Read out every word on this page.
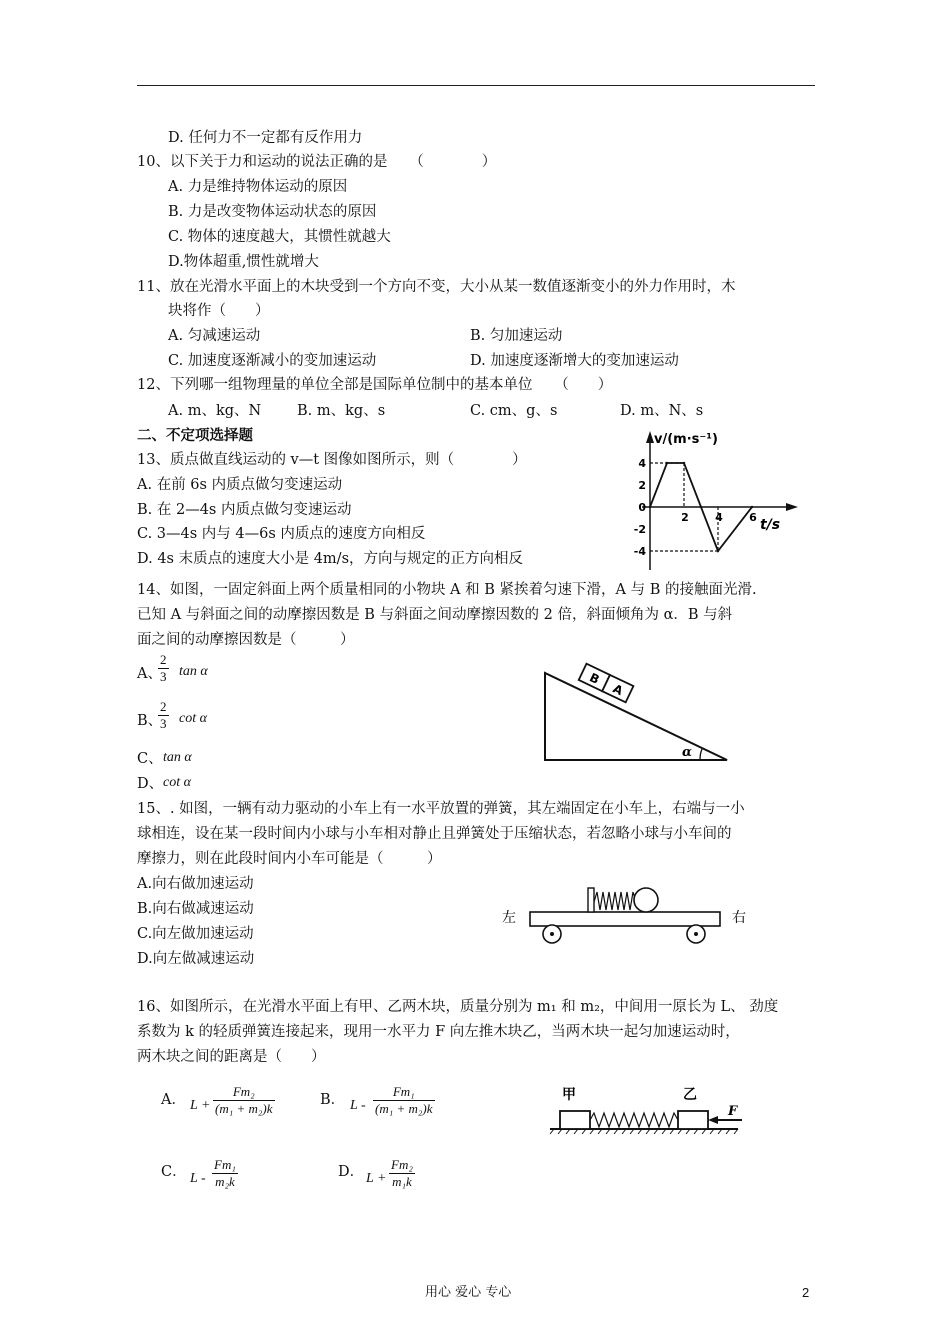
D. 任何力不一定都有反作用力
10、以下关于力和运动的说法正确的是　　（　　　　）
A. 力是维持物体运动的原因
B. 力是改变物体运动状态的原因
C. 物体的速度越大，其惯性就越大
D.物体超重,惯性就增大
11、放在光滑水平面上的木块受到一个方向不变，大小从某一数值逐渐变小的外力作用时，木
块将作（　　）
A. 匀减速运动	B. 匀加速运动
C. 加速度逐渐减小的变加速运动	D. 加速度逐渐增大的变加速运动
12、下列哪一组物理量的单位全部是国际单位制中的基本单位　　（　　）
A. m、kg、N B. m、kg、s	C. cm、g、s	D. m、N、s
二、不定项选择题
13、质点做直线运动的 v—t 图像如图所示，则（　　　　）
A. 在前 6s 内质点做匀变速运动
B. 在 2—4s 内质点做匀变速运动
C. 3—4s 内与 4—6s 内质点的速度方向相反
D. 4s 末质点的速度大小是 4m/s，方向与规定的正方向相反
v/(m·s⁻¹)
t/s
4
2
0
-2
-4
2 4 6
14、如图，一固定斜面上两个质量相同的小物块 A 和 B 紧挨着匀速下滑，A 与 B 的接触面光滑.
已知 A 与斜面之间的动摩擦因数是 B 与斜面之间动摩擦因数的 2 倍，斜面倾角为 α．B 与斜
面之间的动摩擦因数是（　　　）
A、
$\frac{2}{3}$ tan α
B、
$\frac{2}{3}$ cot α
C、 tan α
D、 cot α
B
A
α
15、. 如图，一辆有动力驱动的小车上有一水平放置的弹簧，其左端固定在小车上，右端与一小
球相连，设在某一段时间内小球与小车相对静止且弹簧处于压缩状态，若忽略小球与小车间的
摩擦力，则在此段时间内小车可能是（　　　）
A.向右做加速运动
B.向右做减速运动
C.向左做加速运动
D.向左做减速运动
左	右
16、如图所示，在光滑水平面上有甲、乙两木块，质量分别为 m₁ 和 m₂，中间用一原长为 L、 劲度
系数为 k 的轻质弹簧连接起来，现用一水平力 F 向左推木块乙，当两木块一起匀加速运动时，
两木块之间的距离是（　　）
A． $L + \frac{\text{Fm₂}}{\text{(m₁ + m₂)k}}$	B． L - $\frac{\text{Fm₁}}{\text{(m₁ + m₂)k}}$
C． L - $\frac{\text{Fm₁}}{\text{m₂k}}$	D． $L + \frac{\text{Fm₂}}{\text{m₁k}}$
甲	乙
F
用心 爱心 专心	2
